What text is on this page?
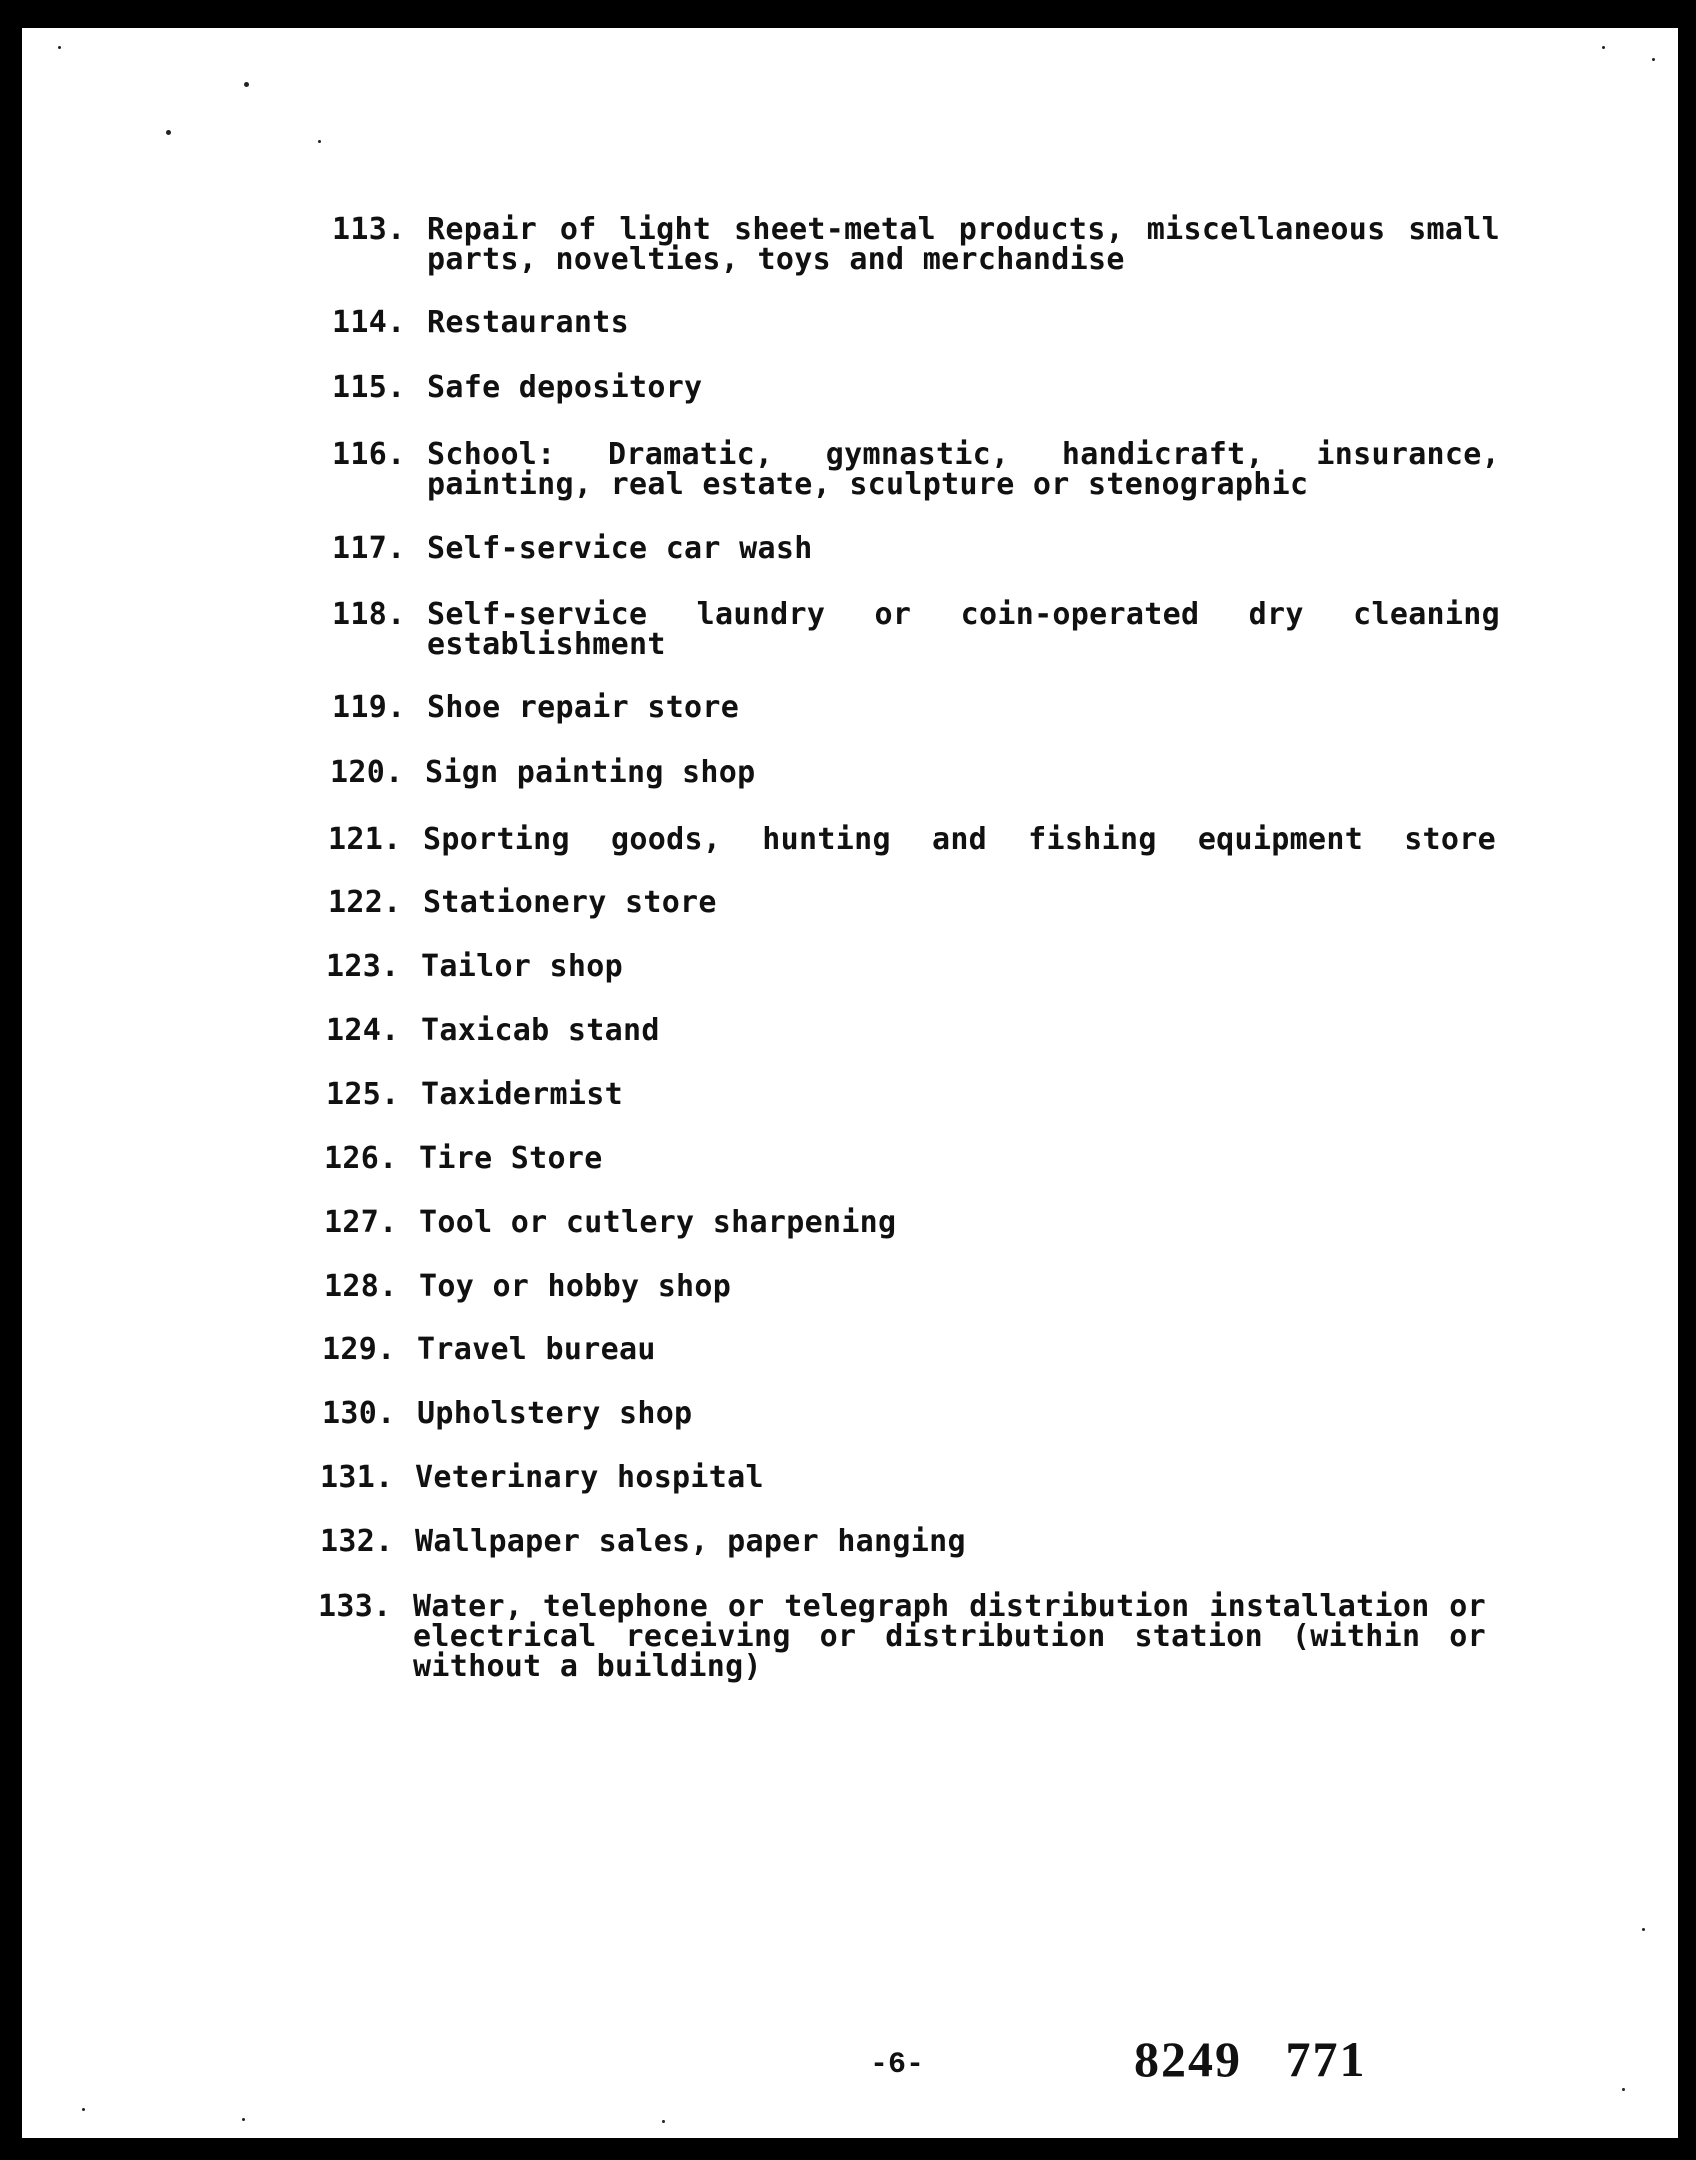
113. Repair of light sheet-metal products, miscellaneous small parts, novelties, toys and merchandise
114. Restaurants
115. Safe depository
116. School: Dramatic, gymnastic, handicraft, insurance, painting, real estate, sculpture or stenographic
117. Self-service car wash
118. Self-service laundry or coin-operated dry cleaning establishment
119. Shoe repair store
120. Sign painting shop
121. Sporting goods, hunting and fishing equipment store
122. Stationery store
123. Tailor shop
124. Taxicab stand
125. Taxidermist
126. Tire Store
127. Tool or cutlery sharpening
128. Toy or hobby shop
129. Travel bureau
130. Upholstery shop
131. Veterinary hospital
132. Wallpaper sales, paper hanging
133. Water, telephone or telegraph distribution installation or electrical receiving or distribution station (within or without a building)
-6-	8249   771
